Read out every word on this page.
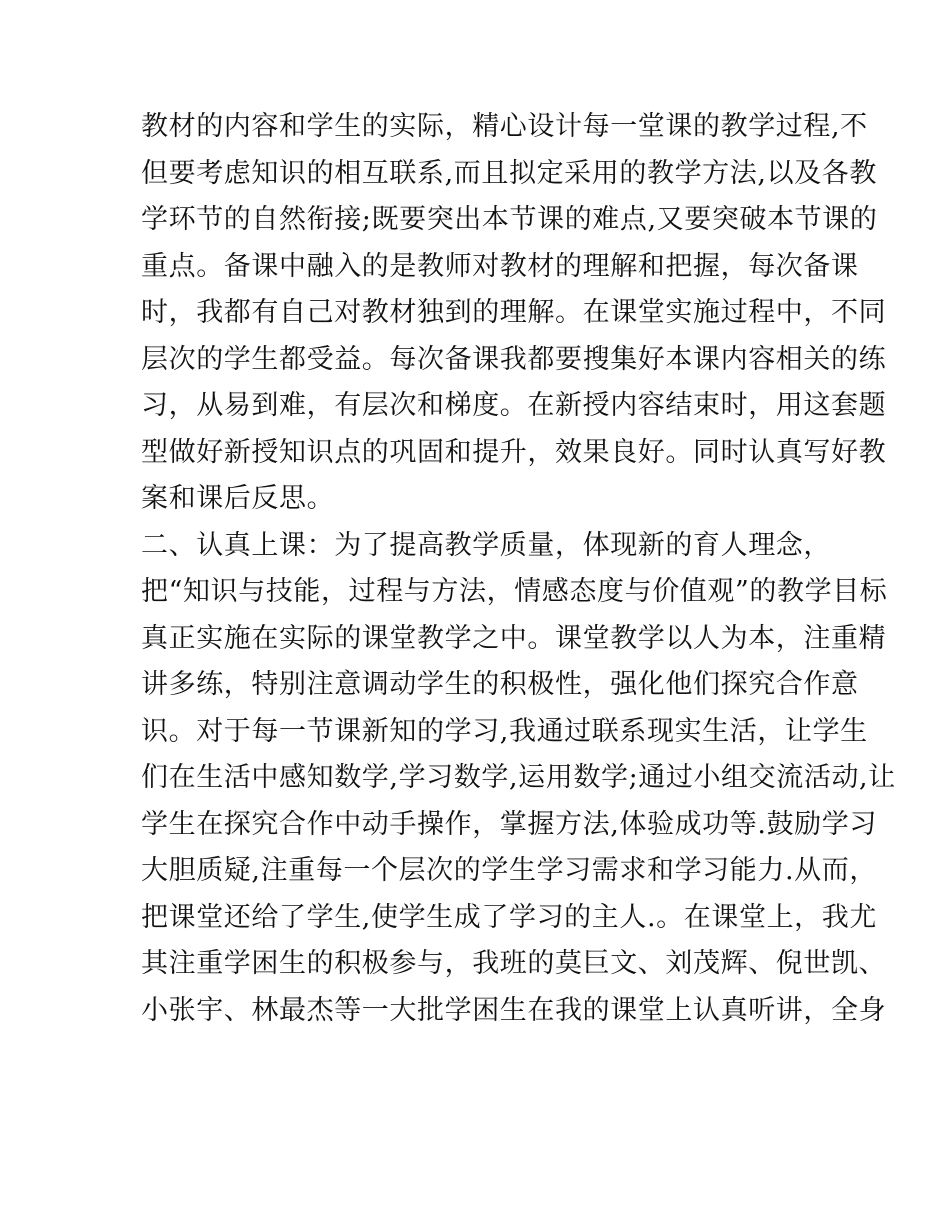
教材的内容和学生的实际，精心设计每一堂课的教学过程,不
但要考虑知识的相互联系,而且拟定采用的教学方法,以及各教
学环节的自然衔接;既要突出本节课的难点,又要突破本节课的
重点。备课中融入的是教师对教材的理解和把握，每次备课
时，我都有自己对教材独到的理解。在课堂实施过程中，不同
层次的学生都受益。每次备课我都要搜集好本课内容相关的练
习，从易到难，有层次和梯度。在新授内容结束时，用这套题
型做好新授知识点的巩固和提升，效果良好。同时认真写好教
案和课后反思。
二、认真上课：为了提高教学质量，体现新的育人理念，
把“知识与技能，过程与方法，情感态度与价值观”的教学目标
真正实施在实际的课堂教学之中。课堂教学以人为本，注重精
讲多练，特别注意调动学生的积极性，强化他们探究合作意
识。对于每一节课新知的学习,我通过联系现实生活，让学生
们在生活中感知数学,学习数学,运用数学;通过小组交流活动,让
学生在探究合作中动手操作，掌握方法,体验成功等.鼓励学习
大胆质疑,注重每一个层次的学生学习需求和学习能力.从而，
把课堂还给了学生,使学生成了学习的主人.。在课堂上，我尤
其注重学困生的积极参与，我班的莫巨文、刘茂辉、倪世凯、
小张宇、林最杰等一大批学困生在我的课堂上认真听讲，全身
